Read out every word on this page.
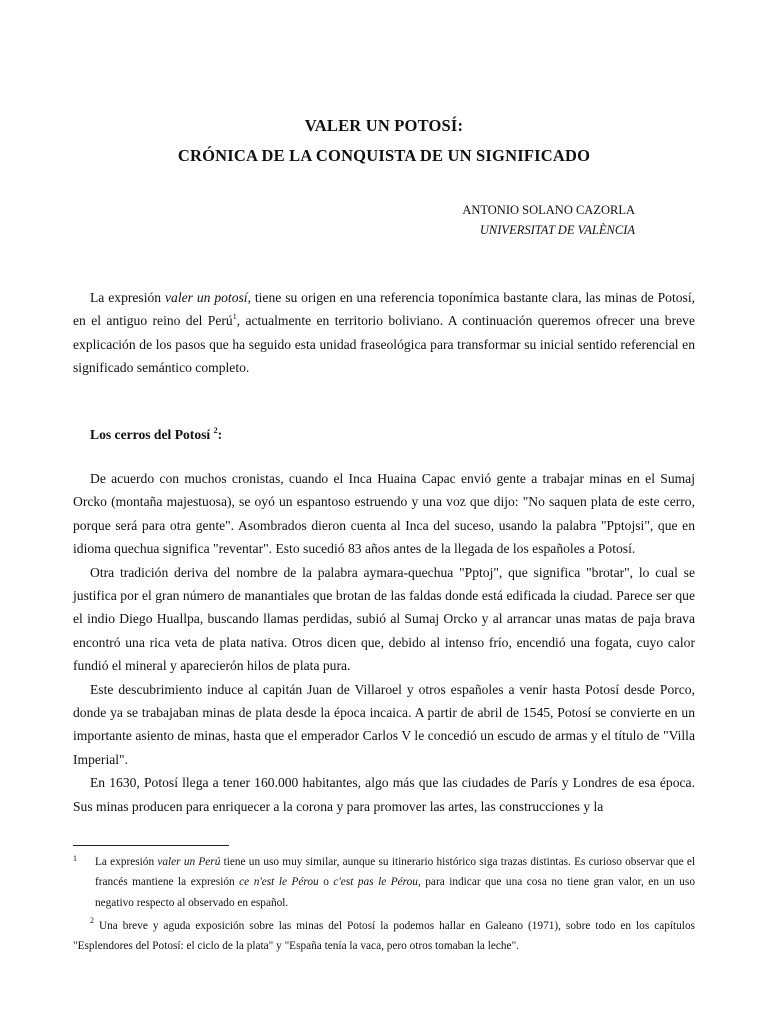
VALER UN POTOSÍ:
CRÓNICA DE LA CONQUISTA DE UN SIGNIFICADO
ANTONIO SOLANO CAZORLA
UNIVERSITAT DE VALÈNCIA

La expresión valer un potosí, tiene su origen en una referencia toponímica bastante clara, las minas de Potosí, en el antiguo reino del Perú$^1$, actualmente en territorio boliviano. A continuación queremos ofrecer una breve explicación de los pasos que ha seguido esta unidad fraseológica para transformar su inicial sentido referencial en significado semántico completo.

Los cerros del Potosí $^2$:

De acuerdo con muchos cronistas, cuando el Inca Huaina Capac envió gente a trabajar minas en el Sumaj Orcko (montaña majestuosa), se oyó un espantoso estruendo y una voz que dijo: "No saquen plata de este cerro, porque será para otra gente". Asombrados dieron cuenta al Inca del suceso, usando la palabra "Pptojsi", que en idioma quechua significa "reventar". Esto sucedió 83 años antes de la llegada de los españoles a Potosí.

Otra tradición deriva del nombre de la palabra aymara-quechua "Pptoj", que significa "brotar", lo cual se justifica por el gran número de manantiales que brotan de las faldas donde está edificada la ciudad. Parece ser que el indio Diego Huallpa, buscando llamas perdidas, subió al Sumaj Orcko y al arrancar unas matas de paja brava encontró una rica veta de plata nativa. Otros dicen que, debido al intenso frío, encendió una fogata, cuyo calor fundió el mineral y aparecierón hilos de plata pura.

Este descubrimiento induce al capitán Juan de Villaroel y otros españoles a venir hasta Potosí desde Porco, donde ya se trabajaban minas de plata desde la época incaica. A partir de abril de 1545, Potosí se convierte en un importante asiento de minas, hasta que el emperador Carlos V le concedió un escudo de armas y el título de "Villa Imperial".

En 1630, Potosí llega a tener 160.000 habitantes, algo más que las ciudades de París y Londres de esa época. Sus minas producen para enriquecer a la corona y para promover las artes, las construcciones y la

1 La expresión valer un Perú tiene un uso muy similar, aunque su itinerario histórico siga trazas distintas. Es curioso observar que el francés mantiene la expresión ce n'est le Pérou o c'est pas le Pérou, para indicar que una cosa no tiene gran valor, en un uso negativo respecto al observado en español.
$^2$ Una breve y aguda exposición sobre las minas del Potosí la podemos hallar en Galeano (1971), sobre todo en los capítulos "Esplendores del Potosí: el ciclo de la plata" y "España tenía la vaca, pero otros tomaban la leche".
